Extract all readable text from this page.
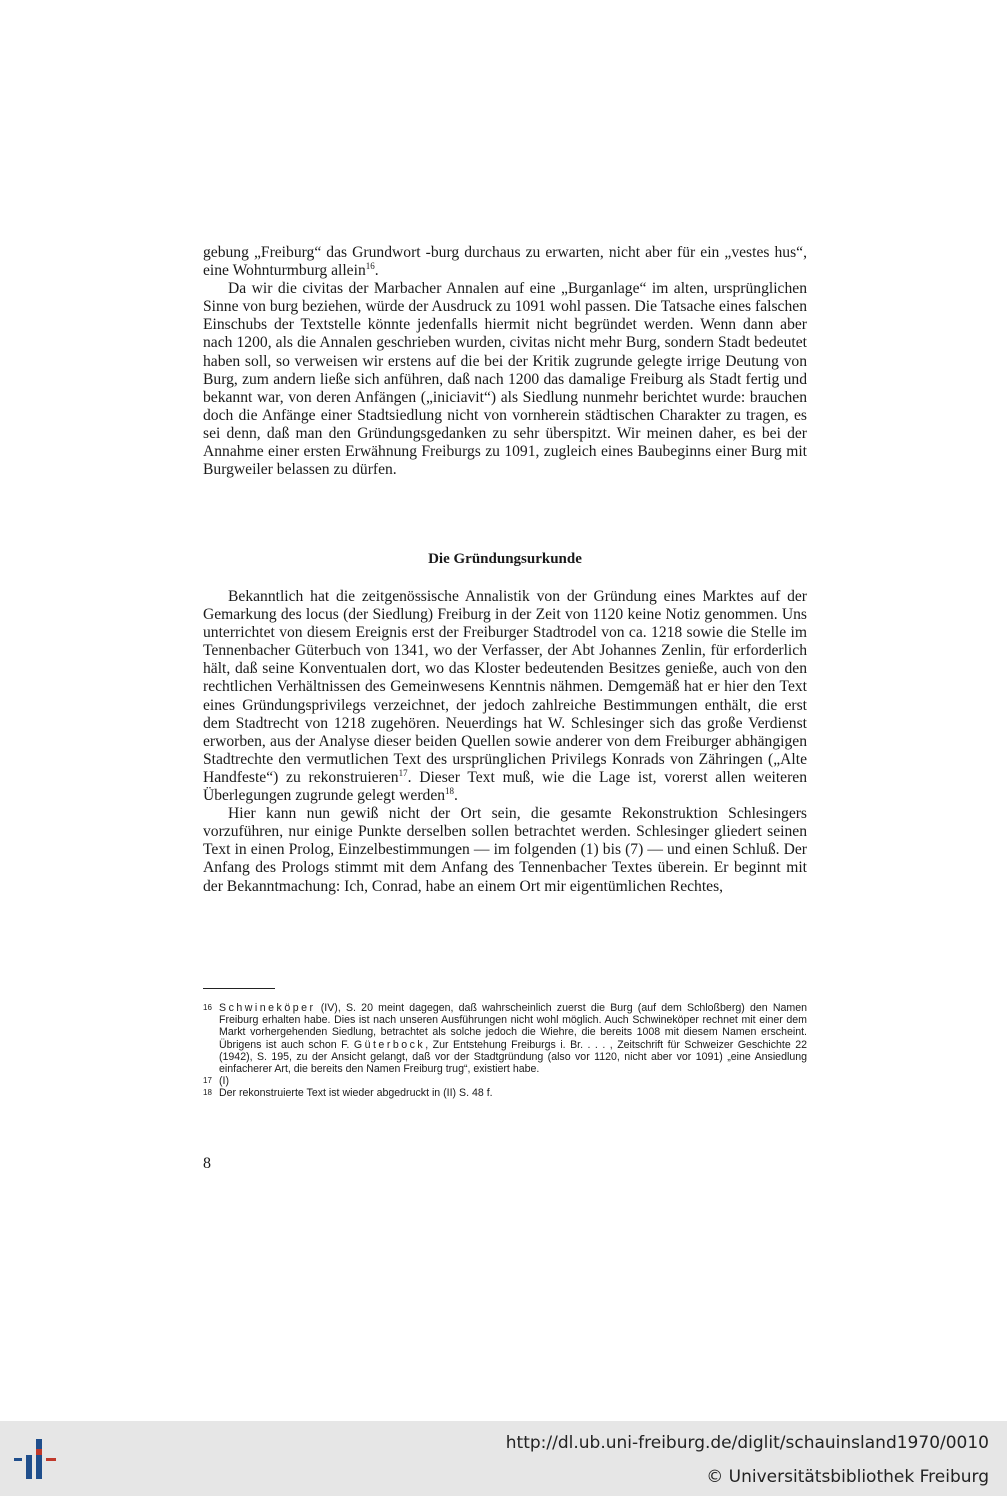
gebung „Freiburg“ das Grundwort -burg durchaus zu erwarten, nicht aber für ein „vestes hus“, eine Wohnturmburg allein$^{16}$.

Da wir die civitas der Marbacher Annalen auf eine „Burganlage“ im alten, ursprünglichen Sinne von burg beziehen, würde der Ausdruck zu 1091 wohl passen. Die Tatsache eines falschen Einschubs der Textstelle könnte jedenfalls hiermit nicht begründet werden. Wenn dann aber nach 1200, als die Annalen geschrieben wurden, civitas nicht mehr Burg, sondern Stadt bedeutet haben soll, so verweisen wir erstens auf die bei der Kritik zugrunde gelegte irrige Deutung von Burg, zum andern ließe sich anführen, daß nach 1200 das damalige Freiburg als Stadt fertig und bekannt war, von deren Anfängen („iniciavit“) als Siedlung nunmehr berichtet wurde: brauchen doch die Anfänge einer Stadtsiedlung nicht von vornherein städtischen Charakter zu tragen, es sei denn, daß man den Gründungsgedanken zu sehr überspitzt. Wir meinen daher, es bei der Annahme einer ersten Erwähnung Freiburgs zu 1091, zugleich eines Baubeginns einer Burg mit Burgweiler belassen zu dürfen.

Die Gründungsurkunde

Bekanntlich hat die zeitgenössische Annalistik von der Gründung eines Marktes auf der Gemarkung des locus (der Siedlung) Freiburg in der Zeit von 1120 keine Notiz genommen. Uns unterrichtet von diesem Ereignis erst der Freiburger Stadtrodel von ca. 1218 sowie die Stelle im Tennenbacher Güterbuch von 1341, wo der Verfasser, der Abt Johannes Zenlin, für erforderlich hält, daß seine Konventualen dort, wo das Kloster bedeutenden Besitzes genieße, auch von den rechtlichen Verhältnissen des Gemeinwesens Kenntnis nähmen. Demgemäß hat er hier den Text eines Gründungsprivilegs verzeichnet, der jedoch zahlreiche Bestimmungen enthält, die erst dem Stadtrecht von 1218 zugehören. Neuerdings hat W. Schlesinger sich das große Verdienst erworben, aus der Analyse dieser beiden Quellen sowie anderer von dem Freiburger abhängigen Stadtrechte den vermutlichen Text des ursprünglichen Privilegs Konrads von Zähringen („Alte Handfeste“) zu rekonstruieren$^{17}$. Dieser Text muß, wie die Lage ist, vorerst allen weiteren Überlegungen zugrunde gelegt werden$^{18}$.

Hier kann nun gewiß nicht der Ort sein, die gesamte Rekonstruktion Schlesingers vorzuführen, nur einige Punkte derselben sollen betrachtet werden. Schlesinger gliedert seinen Text in einen Prolog, Einzelbestimmungen — im folgenden (1) bis (7) — und einen Schluß. Der Anfang des Prologs stimmt mit dem Anfang des Tennenbacher Textes überein. Er beginnt mit der Bekanntmachung: Ich, Conrad, habe an einem Ort mir eigentümlichen Rechtes,

16 Schwineköper (IV), S. 20 meint dagegen, daß wahrscheinlich zuerst die Burg (auf dem Schloßberg) den Namen Freiburg erhalten habe. Dies ist nach unseren Ausführungen nicht wohl möglich. Auch Schwineköper rechnet mit einer dem Markt vorhergehenden Siedlung, betrachtet als solche jedoch die Wiehre, die bereits 1008 mit diesem Namen erscheint. Übrigens ist auch schon F. Güterbock, Zur Entstehung Freiburgs i. Br. . . . , Zeitschrift für Schweizer Geschichte 22 (1942), S. 195, zu der Ansicht gelangt, daß vor der Stadtgründung (also vor 1120, nicht aber vor 1091) „eine Ansiedlung einfacherer Art, die bereits den Namen Freiburg trug“, existiert habe.
17 (I)
18 Der rekonstruierte Text ist wieder abgedruckt in (II) S. 48 f.
8
http://dl.ub.uni-freiburg.de/diglit/schauinsland1970/0010
© Universitätsbibliothek Freiburg
